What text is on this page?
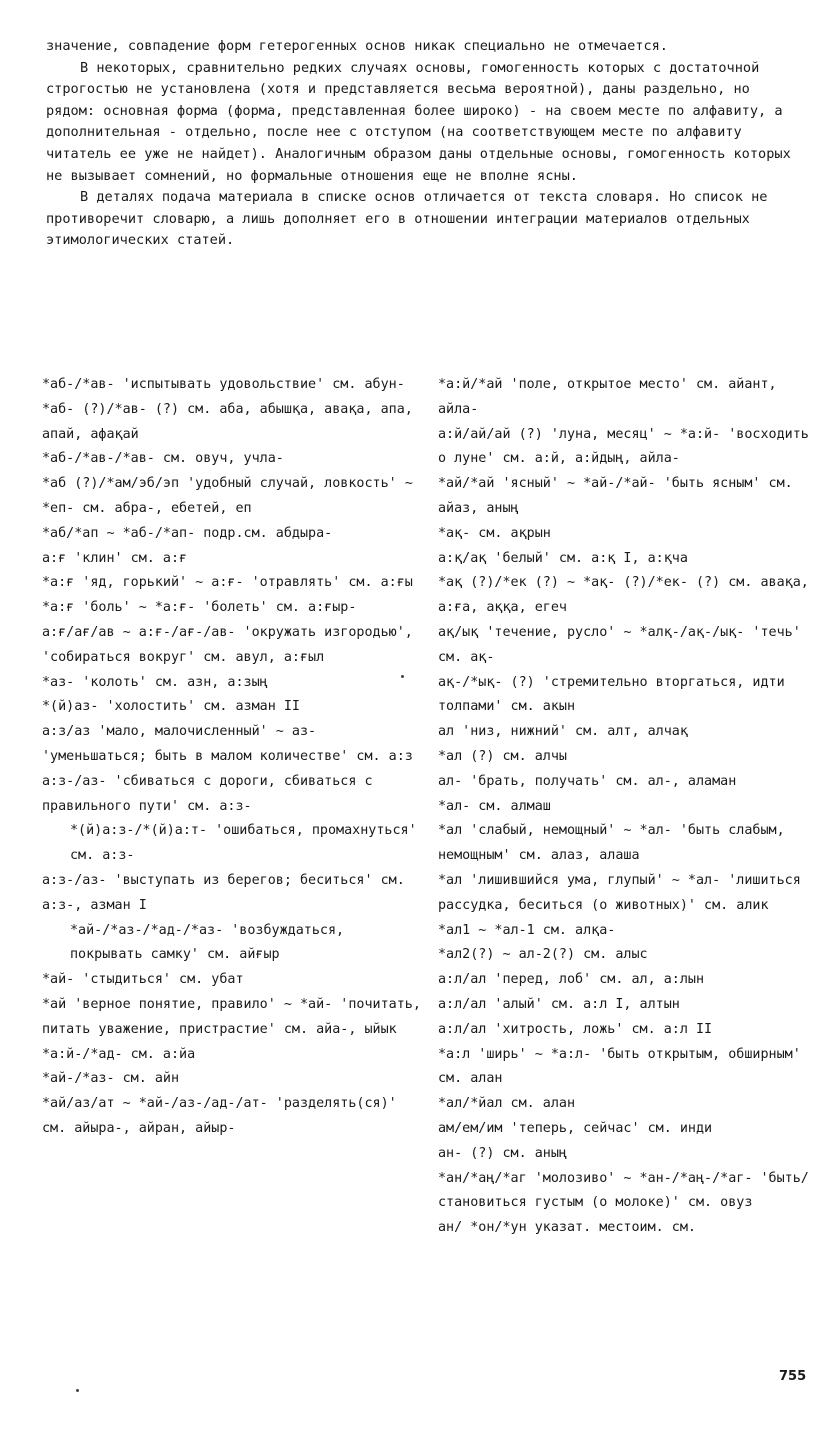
значение, совпадение форм гетерогенных основ никак специально не отмечается.

В некоторых, сравнительно редких случаях основы, гомогенность которых с достаточной строгостью не установлена (хотя и представляется весьма вероятной), даны раздельно, но рядом: основная форма (форма, представленная более широко) - на своем месте по алфавиту, а дополнительная - отдельно, после нее с отступом (на соответствующем месте по алфавиту читатель ее уже не найдет). Аналогичным образом даны отдельные основы, гомогенность которых не вызывает сомнений, но формальные отношения еще не вполне ясны.

В деталях подача материала в списке основ отличается от текста словаря. Но список не противоречит словарю, а лишь дополняет его в отношении интеграции материалов отдельных этимологических статей.

*аб-/*ав- 'испытывать удовольствие' см. абун-

*аб- (?)/*ав- (?) см. аба, абышқа, авақа, апа, апай, афақай

*аб-/*ав-/*ав- см. овуч, учла-

*аб (?)/*ам/эб/эп 'удобный случай, ловкость' ~ *еп- см. абра-, ебетей, еп

*аб/*ап ~ *аб-/*ап- подр.см. абдыра-

а:ғ 'клин' см. а:ғ

*а:ғ 'яд, горький' ~ а:ғ- 'отравлять' см. а:ғы

*а:ғ 'боль' ~ *а:ғ- 'болеть' см. а:ғыр-

а:ғ/ағ/ав ~ а:ғ-/ағ-/ав- 'окружать изгородью', 'собираться вокруг' см. авул, а:ғыл

*аз- 'колоть' см. азн, а:зың

*(й)аз- 'холостить' см. азман II

а:з/аз 'мало, малочисленный' ~ аз- 'уменьшаться; быть в малом количестве' см. а:з

а:з-/аз- 'сбиваться с дороги, сбиваться с правильного пути' см. а:з-

*(й)а:з-/*(й)а:т- 'ошибаться, промахнуться' см. а:з-

а:з-/аз- 'выступать из берегов; беситься' см. а:з-, азман I

*ай-/*аз-/*ад-/*аз- 'возбуждаться, покрывать самку' см. айғыр

*ай- 'стыдиться' см. убат

*ай 'верное понятие, правило' ~ *ай- 'почитать, питать уважение, пристрастие' см. айа-, ыйык

*а:й-/*ад- см. а:йа

*ай-/*аз- см. айн

*ай/аз/ат ~ *ай-/аз-/ад-/ат- 'разделять(ся)' см. айыра-, айран, айыр-

*а:й/*ай 'поле, открытое место' см. айант, айла-

а:й/ай/ай (?) 'луна, месяц' ~ *а:й- 'восходить о луне' см. а:й, а:йдың, айла-

*ай/*ай 'ясный' ~ *ай-/*ай- 'быть ясным' см. айаз, аның

*ақ- см. ақрын

а:қ/ақ 'белый' см. а:қ I, а:қча

*ақ (?)/*ек (?) ~ *ақ- (?)/*ек- (?) см. авақа, а:ға, аққа, егеч

ақ/ық 'течение, русло' ~ *алқ-/ақ-/ық- 'течь' см. ақ-

ақ-/*ық- (?) 'стремительно вторгаться, идти толпами' см. акын

ал 'низ, нижний' см. алт, алчақ

*ал (?) см. алчы

ал- 'брать, получать' см. ал-, аламан

*ал- см. алмаш

*ал 'слабый, немощный' ~ *ал- 'быть слабым, немощным' см. алаз, алаша

*ал 'лишившийся ума, глупый' ~ *ал- 'лишиться рассудка, беситься (о животных)' см. алик

*ал1 ~ *ал-1 см. алқа-

*ал2(?) ~ ал-2(?) см. алыс

а:л/ал 'перед, лоб' см. ал, а:лын

а:л/ал 'алый' см. а:л I, алтын

а:л/ал 'хитрость, ложь' см. а:л II

*а:л 'ширь' ~ *а:л- 'быть открытым, обширным' см. алан

*ал/*йал см. алан

ам/ем/им 'теперь, сейчас' см. инди

ан- (?) см. аның

*ан/*аң/*аг 'молозиво' ~ *ан-/*аң-/*аг- 'быть/становиться густым (о молоке)' см. овуз

ан/ *он/*ун указат. местоим. см.

755
